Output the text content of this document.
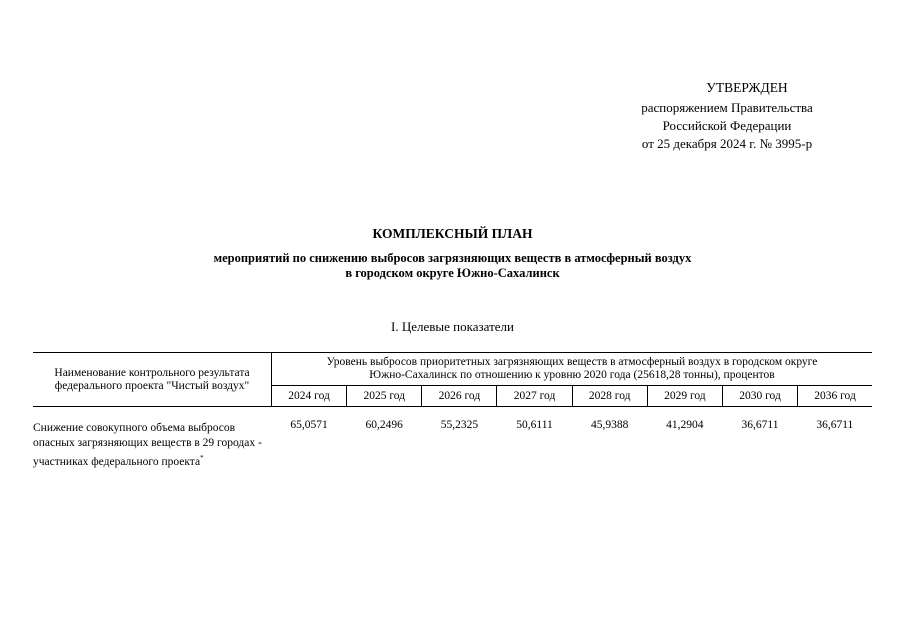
УТВЕРЖДЕН
распоряжением Правительства
Российской Федерации
от 25 декабря 2024 г. № 3995-р
КОМПЛЕКСНЫЙ ПЛАН
мероприятий по снижению выбросов загрязняющих веществ в атмосферный воздух
в городском округе Южно-Сахалинск
I. Целевые показатели
Наименование контрольного результата федерального проекта "Чистый воздух"	Уровень выбросов приоритетных загрязняющих веществ в атмосферный воздух в городском округе
Южно-Сахалинск по отношению к уровню 2020 года (25618,28 тонны), процентов							

	2024 год	2025 год	2026 год	2027 год	2028 год	2029 год	2030 год	2036 год
Снижение совокупного объема выбросов опасных загрязняющих веществ в 29 городах - участниках федерального проекта*	65,0571	60,2496	55,2325	50,6111	45,9388	41,2904	36,6711	36,6711
